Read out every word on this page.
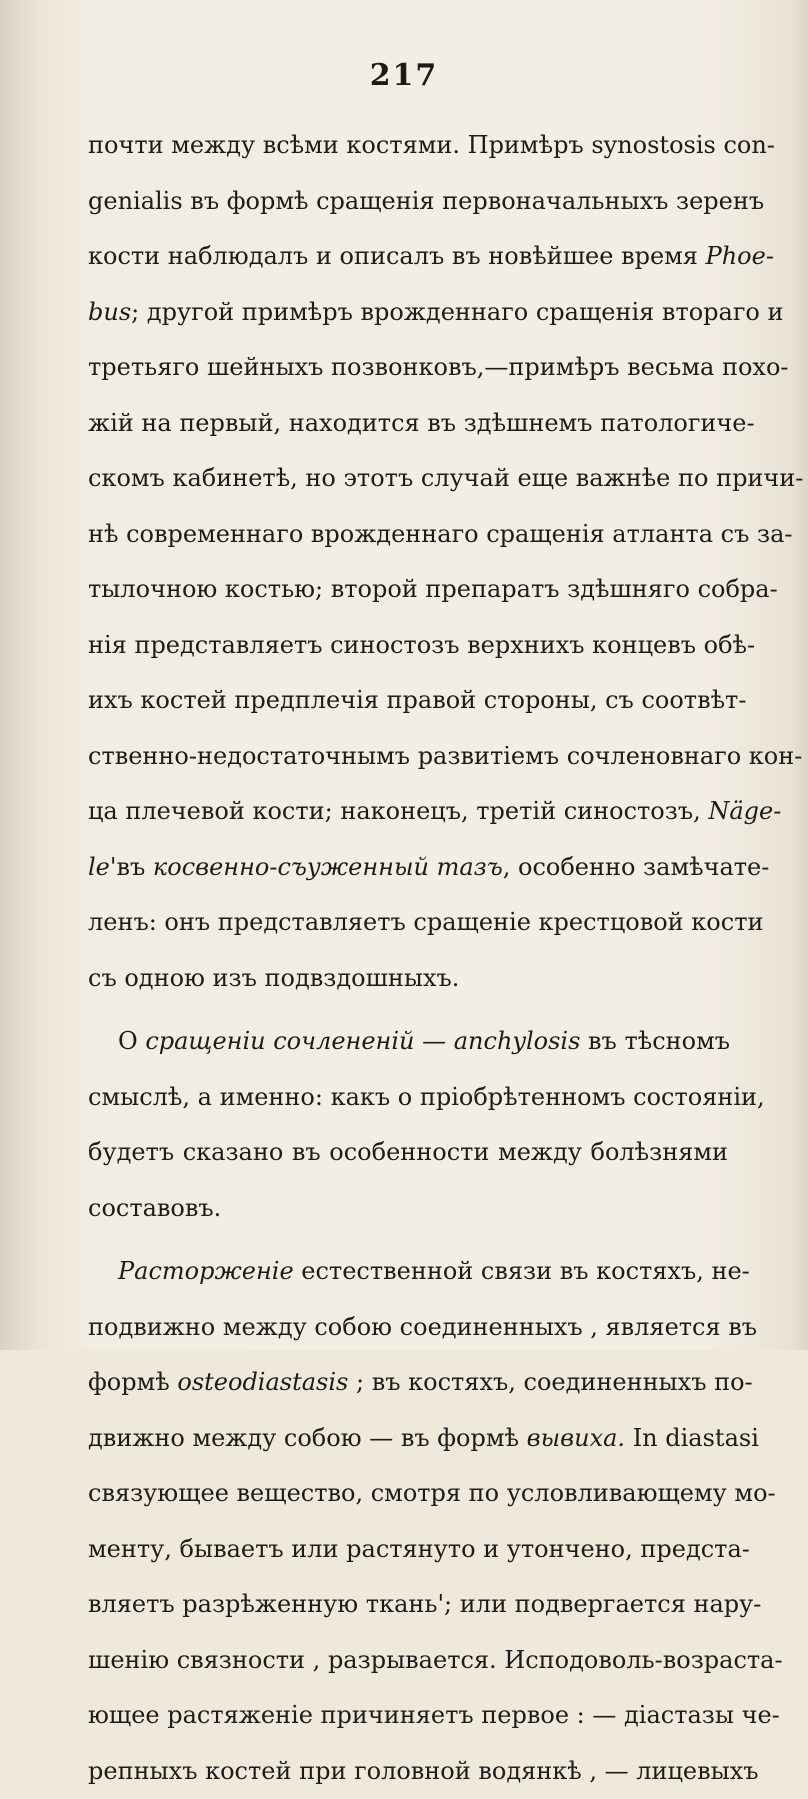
217
почти между всѣми костями. Примѣръ synostosis con-
genialis въ формѣ сращенія первоначальныхъ зеренъ
кости наблюдалъ и описалъ въ новѣйшее время Phoe-
bus; другой примѣръ врожденнаго сращенія втораго и
третьяго шейныхъ позвонковъ,—примѣръ весьма похо-
жій на первый, находится въ здѣшнемъ патологиче-
скомъ кабинетѣ, но этотъ случай еще важнѣе по причи-
нѣ современнаго врожденнаго сращенія атланта съ за-
тылочною костью; второй препаратъ здѣшняго собра-
нія представляетъ синостозъ верхнихъ концевъ обѣ-
ихъ костей предплечія правой стороны, съ соотвѣт-
ственно-недостаточнымъ развитіемъ сочленовнаго кон-
ца плечевой кости; наконецъ, третій синостозъ, Näge-
le'въ косвенно-съуженный тазъ, особенно замѣчате-
ленъ: онъ представляетъ сращеніе крестцовой кости
съ одною изъ подвздошныхъ.
О сращеніи сочлененій — anchylosis въ тѣсномъ
смыслѣ, а именно: какъ о пріобрѣтенномъ состояніи,
будетъ сказано въ особенности между болѣзнями
составовъ.
Расторженіе естественной связи въ костяхъ, не-
подвижно между собою соединенныхъ , является въ
формѣ osteodiastasis ; въ костяхъ, соединенныхъ по-
движно между собою — въ формѣ вывиха. In diastasi
связующее вещество, смотря по условливающему мо-
менту, бываетъ или растянуто и утончено, предста-
вляетъ разрѣженную ткань'; или подвергается нару-
шенію связности , разрывается. Исподоволь-возраста-
ющее растяженіе причиняетъ первое : — діастазы че-
репныхъ костей при головной водянкѣ , — лицевыхъ
